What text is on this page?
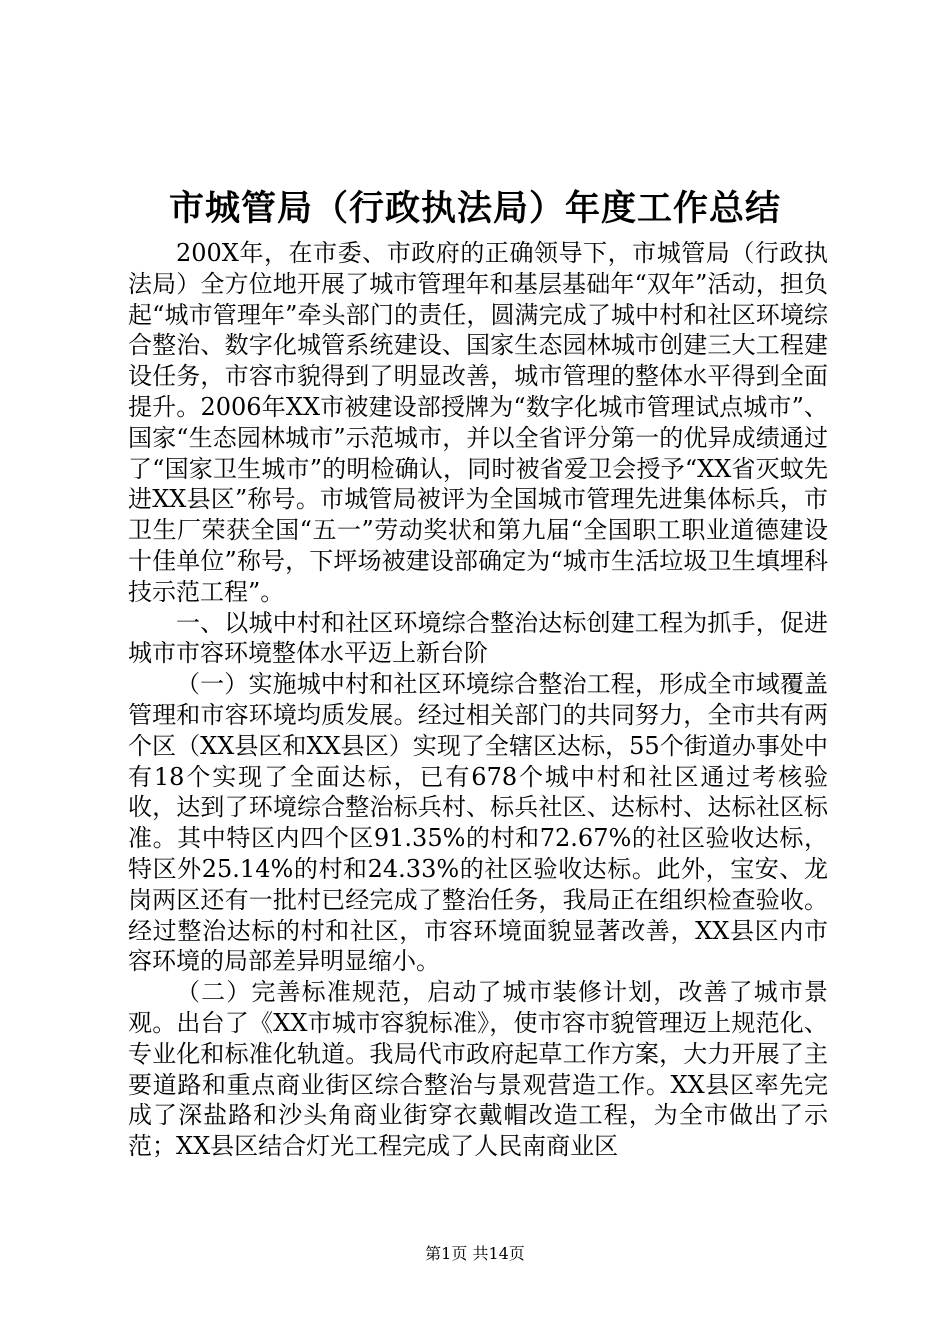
市城管局（行政执法局）年度工作总结

200X年，在市委、市政府的正确领导下，市城管局（行政执法局）全方位地开展了城市管理年和基层基础年“双年”活动，担负起“城市管理年”牵头部门的责任，圆满完成了城中村和社区环境综合整治、数字化城管系统建设、国家生态园林城市创建三大工程建设任务，市容市貌得到了明显改善，城市管理的整体水平得到全面提升。2006年XX市被建设部授牌为“数字化城市管理试点城市”、国家“生态园林城市”示范城市，并以全省评分第一的优异成绩通过了“国家卫生城市”的明检确认，同时被省爱卫会授予“XX省灭蚊先进XX县区”称号。市城管局被评为全国城市管理先进集体标兵，市卫生厂荣获全国“五一”劳动奖状和第九届“全国职工职业道德建设十佳单位”称号，下坪场被建设部确定为“城市生活垃圾卫生填埋科技示范工程”。

一、以城中村和社区环境综合整治达标创建工程为抓手，促进城市市容环境整体水平迈上新台阶

（一）实施城中村和社区环境综合整治工程，形成全市域覆盖管理和市容环境均质发展。经过相关部门的共同努力，全市共有两个区（XX县区和XX县区）实现了全辖区达标，55个街道办事处中有18个实现了全面达标，已有678个城中村和社区通过考核验收，达到了环境综合整治标兵村、标兵社区、达标村、达标社区标准。其中特区内四个区91.35%的村和72.67%的社区验收达标，特区外25.14%的村和24.33%的社区验收达标。此外，宝安、龙岗两区还有一批村已经完成了整治任务，我局正在组织检查验收。经过整治达标的村和社区，市容环境面貌显著改善，XX县区内市容环境的局部差异明显缩小。

（二）完善标准规范，启动了城市装修计划，改善了城市景观。出台了《XX市城市容貌标准》，使市容市貌管理迈上规范化、专业化和标准化轨道。我局代市政府起草工作方案，大力开展了主要道路和重点商业街区综合整治与景观营造工作。XX县区率先完成了深盐路和沙头角商业街穿衣戴帽改造工程，为全市做出了示范；XX县区结合灯光工程完成了人民南商业区

第1页 共14页
